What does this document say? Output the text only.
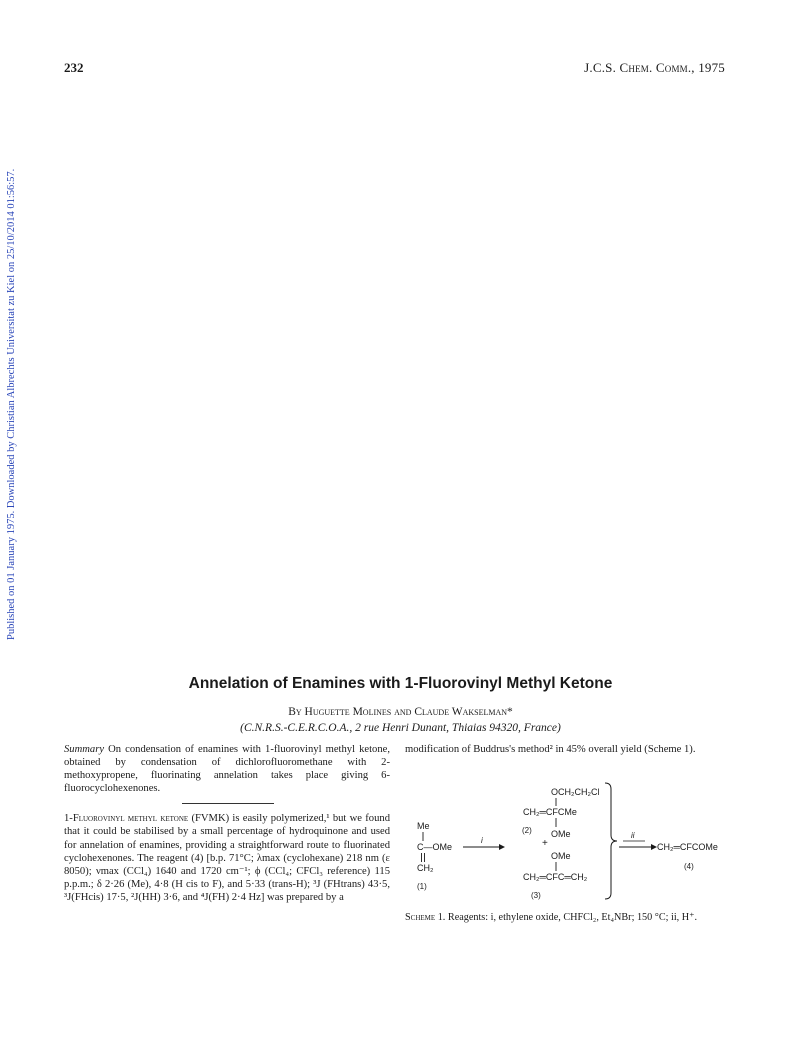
232	J.C.S. Chem. Comm., 1975
Published on 01 January 1975. Downloaded by Christian Albrechts Universitat zu Kiel on 25/10/2014 01:56:57.
Annelation of Enamines with 1-Fluorovinyl Methyl Ketone
By Huguette Molines and Claude Wakselman*
(C.N.R.S.-C.E.R.C.O.A., 2 rue Henri Dunant, Thiaias 94320, France)

Summary On condensation of enamines with 1-fluorovinyl methyl ketone, obtained by condensation of dichlorofluoromethane with 2-methoxypropene, fluorinating annelation takes place giving 6-fluorocyclohexenones.

1-Fluorovinyl methyl ketone (FVMK) is easily polymerized,¹ but we found that it could be stabilised by a small percentage of hydroquinone and used for annelation of enamines, providing a straightforward route to fluorinated cyclohexenones. The reagent (4) [b.p. 71°C; λmax (cyclohexane) 218 nm (ε 8050); νmax (CCl₄) 1640 and 1720 cm⁻¹; ϕ (CCl₄; CFCl₃ reference) 115 p.p.m.; δ 2·26 (Me), 4·8 (H cis to F), and 5·33 (trans-H); ³J (FHtrans) 43·5, ³J(FHcis) 17·5, ²J(HH) 3·6, and ⁴J(FH) 2·4 Hz] was prepared by a

modification of Buddrus's method² in 45% overall yield (Scheme 1).
Me
C—OMe
CH₂
(1)
i
OCH₂CH₂Cl
CH₂═CFCMe
(2) OMe
+
OMe
CH₂═CFC═CH₂
(3)
ii
CH₂═CFCOMe
(4)
Scheme 1. Reagents: i, ethylene oxide, CHFCl₂, Et₄NBr; 150 °C; ii, H⁺.
